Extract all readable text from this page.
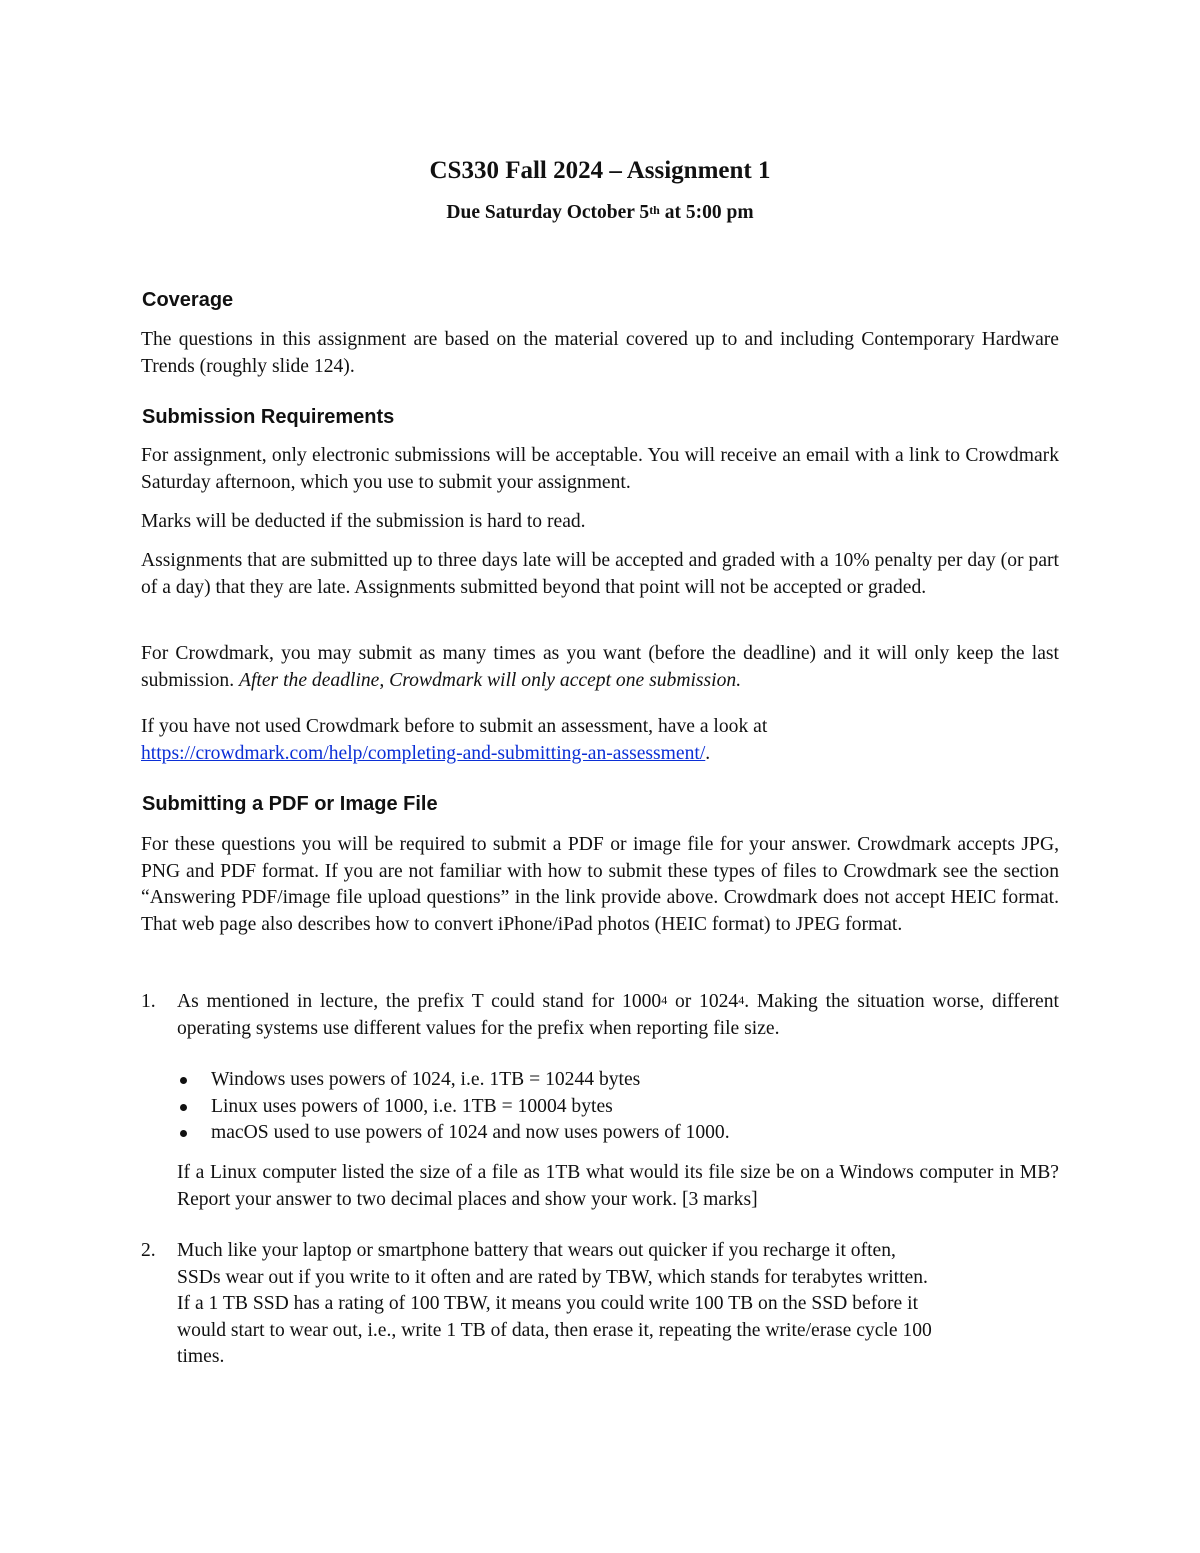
CS330 Fall 2024 – Assignment 1
Due Saturday October 5th at 5:00 pm
Coverage
The questions in this assignment are based on the material covered up to and including Contemporary Hardware Trends (roughly slide 124).
Submission Requirements
For assignment, only electronic submissions will be acceptable. You will receive an email with a link to Crowdmark Saturday afternoon, which you use to submit your assignment.
Marks will be deducted if the submission is hard to read.
Assignments that are submitted up to three days late will be accepted and graded with a 10% penalty per day (or part of a day) that they are late. Assignments submitted beyond that point will not be accepted or graded.
For Crowdmark, you may submit as many times as you want (before the deadline) and it will only keep the last submission. After the deadline, Crowdmark will only accept one submission.
If you have not used Crowdmark before to submit an assessment, have a look at https://crowdmark.com/help/completing-and-submitting-an-assessment/.
Submitting a PDF or Image File
For these questions you will be required to submit a PDF or image file for your answer. Crowdmark accepts JPG, PNG and PDF format. If you are not familiar with how to submit these types of files to Crowdmark see the section “Answering PDF/image file upload questions” in the link provide above. Crowdmark does not accept HEIC format. That web page also describes how to convert iPhone/iPad photos (HEIC format) to JPEG format.
1. As mentioned in lecture, the prefix T could stand for 1000$^4$ or 1024$^4$. Making the situation worse, different operating systems use different values for the prefix when reporting file size.
Windows uses powers of 1024, i.e. 1TB = 10244 bytes
Linux uses powers of 1000, i.e. 1TB = 10004 bytes
macOS used to use powers of 1024 and now uses powers of 1000.
If a Linux computer listed the size of a file as 1TB what would its file size be on a Windows computer in MB? Report your answer to two decimal places and show your work. [3 marks]
2. Much like your laptop or smartphone battery that wears out quicker if you recharge it often,
SSDs wear out if you write to it often and are rated by TBW, which stands for terabytes written.
If a 1 TB SSD has a rating of 100 TBW, it means you could write 100 TB on the SSD before it
would start to wear out, i.e., write 1 TB of data, then erase it, repeating the write/erase cycle 100
times.
